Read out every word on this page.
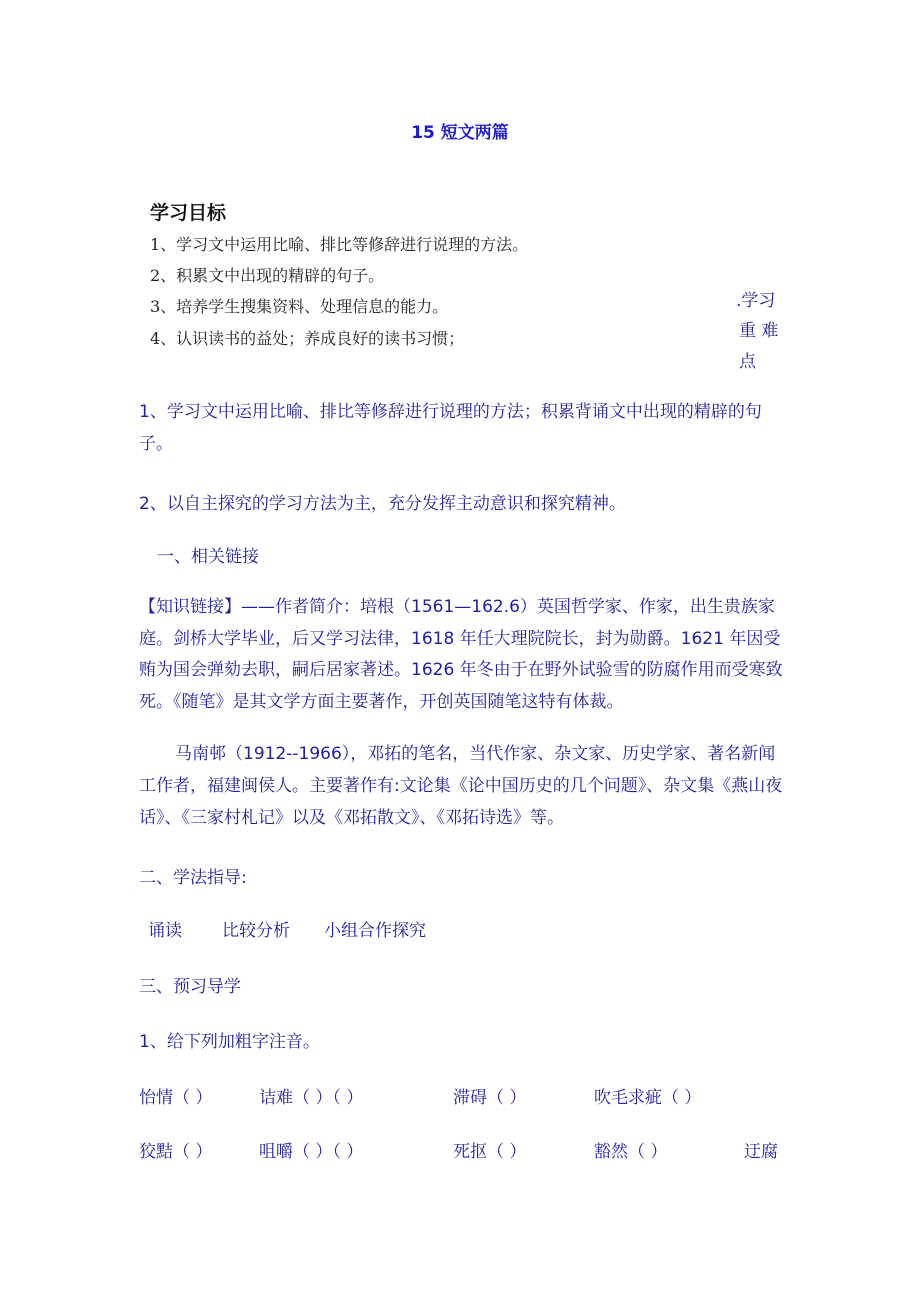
15 短文两篇
学习目标
1、学习文中运用比喻、排比等修辞进行说理的方法。
2、积累文中出现的精辟的句子。
3、培养学生搜集资料、处理信息的能力。
4、认识读书的益处；养成良好的读书习惯；
.学习
重 难
点
1、学习文中运用比喻、排比等修辞进行说理的方法；积累背诵文中出现的精辟的句子。
2、以自主探究的学习方法为主，充分发挥主动意识和探究精神。
一、相关链接
【知识链接】——作者简介：培根（1561—162.6）英国哲学家、作家，出生贵族家庭。剑桥大学毕业，后又学习法律，1618 年任大理院院长，封为勋爵。1621 年因受贿为国会弹劾去职，嗣后居家著述。1626 年冬由于在野外试验雪的防腐作用而受寒致死。《随笔》是其文学方面主要著作，开创英国随笔这特有体裁。
马南邨（1912--1966），邓拓的笔名，当代作家、杂文家、历史学家、著名新闻工作者，福建闽侯人。主要著作有:文论集《论中国历史的几个问题》、杂文集《燕山夜话》、《三家村札记》以及《邓拓散文》、《邓拓诗选》等。
二、学法指导:
诵读 比较分析 小组合作探究
三、预习导学
1、给下列加粗字注音。
怡情（ ）	诘难（ ）（ ）	滞碍（ ）	吹毛求疵（ ）
狡黠（ ）	咀嚼（ ）（ ）	死抠（ ）	豁然（ ）	迂腐
